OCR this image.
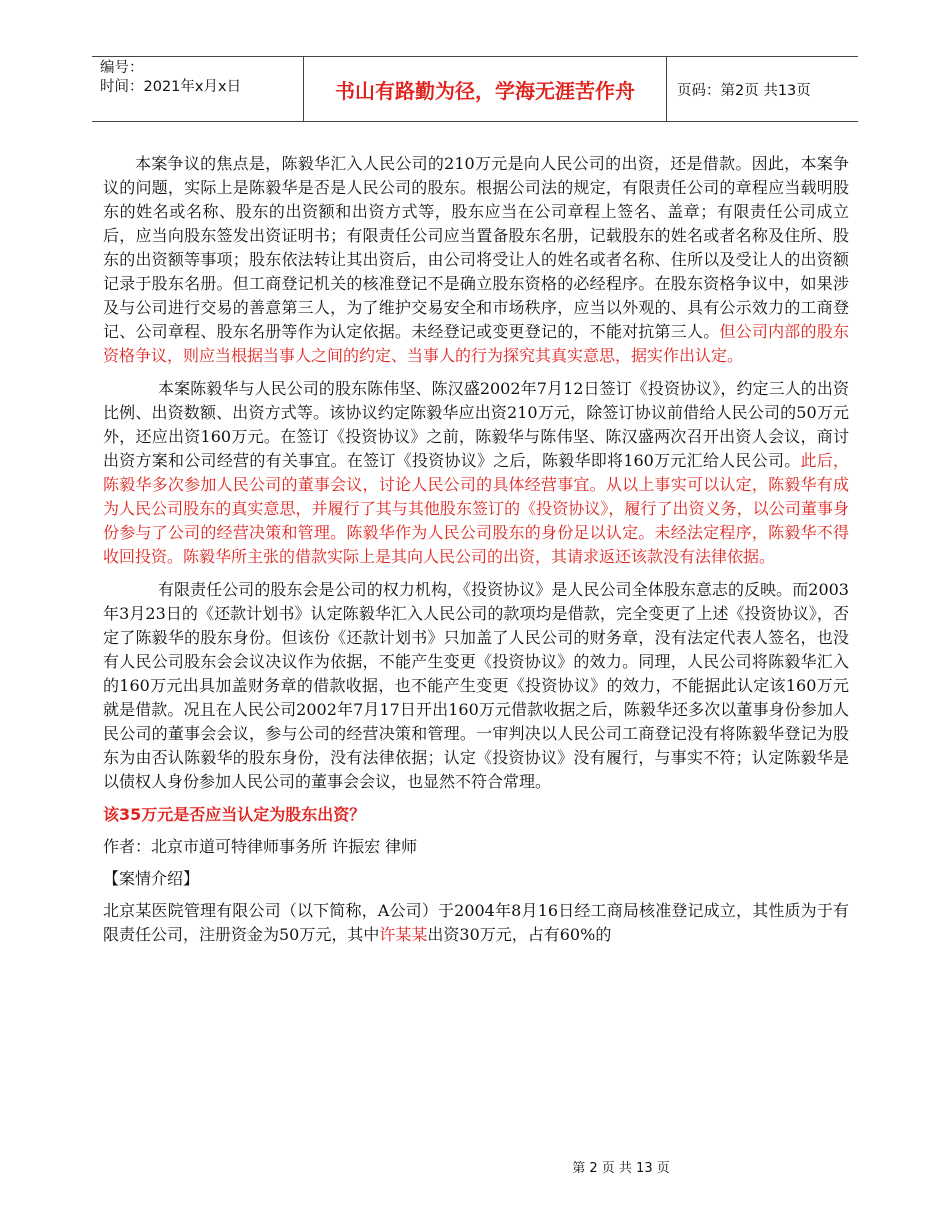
编号：
时间：2021年x月x日	书山有路勤为径，学海无涯苦作舟	页码：第2页 共13页

本案争议的焦点是，陈毅华汇入人民公司的210万元是向人民公司的出资，还是借款。因此，本案争议的问题，实际上是陈毅华是否是人民公司的股东。根据公司法的规定，有限责任公司的章程应当载明股东的姓名或名称、股东的出资额和出资方式等，股东应当在公司章程上签名、盖章；有限责任公司成立后，应当向股东签发出资证明书；有限责任公司应当置备股东名册，记载股东的姓名或者名称及住所、股东的出资额等事项；股东依法转让其出资后，由公司将受让人的姓名或者名称、住所以及受让人的出资额记录于股东名册。但工商登记机关的核准登记不是确立股东资格的必经程序。在股东资格争议中，如果涉及与公司进行交易的善意第三人，为了维护交易安全和市场秩序，应当以外观的、具有公示效力的工商登记、公司章程、股东名册等作为认定依据。未经登记或变更登记的，不能对抗第三人。但公司内部的股东资格争议，则应当根据当事人之间的约定、当事人的行为探究其真实意思，据实作出认定。

本案陈毅华与人民公司的股东陈伟坚、陈汉盛2002年7月12日签订《投资协议》，约定三人的出资比例、出资数额、出资方式等。该协议约定陈毅华应出资210万元，除签订协议前借给人民公司的50万元外，还应出资160万元。在签订《投资协议》之前，陈毅华与陈伟坚、陈汉盛两次召开出资人会议，商讨出资方案和公司经营的有关事宜。在签订《投资协议》之后，陈毅华即将160万元汇给人民公司。此后，陈毅华多次参加人民公司的董事会议，讨论人民公司的具体经营事宜。从以上事实可以认定，陈毅华有成为人民公司股东的真实意思，并履行了其与其他股东签订的《投资协议》，履行了出资义务，以公司董事身份参与了公司的经营决策和管理。陈毅华作为人民公司股东的身份足以认定。未经法定程序，陈毅华不得收回投资。陈毅华所主张的借款实际上是其向人民公司的出资，其请求返还该款没有法律依据。

有限责任公司的股东会是公司的权力机构，《投资协议》是人民公司全体股东意志的反映。而2003年3月23日的《还款计划书》认定陈毅华汇入人民公司的款项均是借款，完全变更了上述《投资协议》，否定了陈毅华的股东身份。但该份《还款计划书》只加盖了人民公司的财务章，没有法定代表人签名，也没有人民公司股东会会议决议作为依据，不能产生变更《投资协议》的效力。同理，人民公司将陈毅华汇入的160万元出具加盖财务章的借款收据，也不能产生变更《投资协议》的效力，不能据此认定该160万元就是借款。况且在人民公司2002年7月17日开出160万元借款收据之后，陈毅华还多次以董事身份参加人民公司的董事会会议，参与公司的经营决策和管理。一审判决以人民公司工商登记没有将陈毅华登记为股东为由否认陈毅华的股东身份，没有法律依据；认定《投资协议》没有履行，与事实不符；认定陈毅华是以债权人身份参加人民公司的董事会会议，也显然不符合常理。

该35万元是否应当认定为股东出资？
作者：北京市道可特律师事务所 许振宏 律师
【案情介绍】

北京某医院管理有限公司（以下简称，A公司）于2004年8月16日经工商局核准登记成立，其性质为于有限责任公司，注册资金为50万元，其中许某某出资30万元，占有60%的

第 2 页 共 13 页
